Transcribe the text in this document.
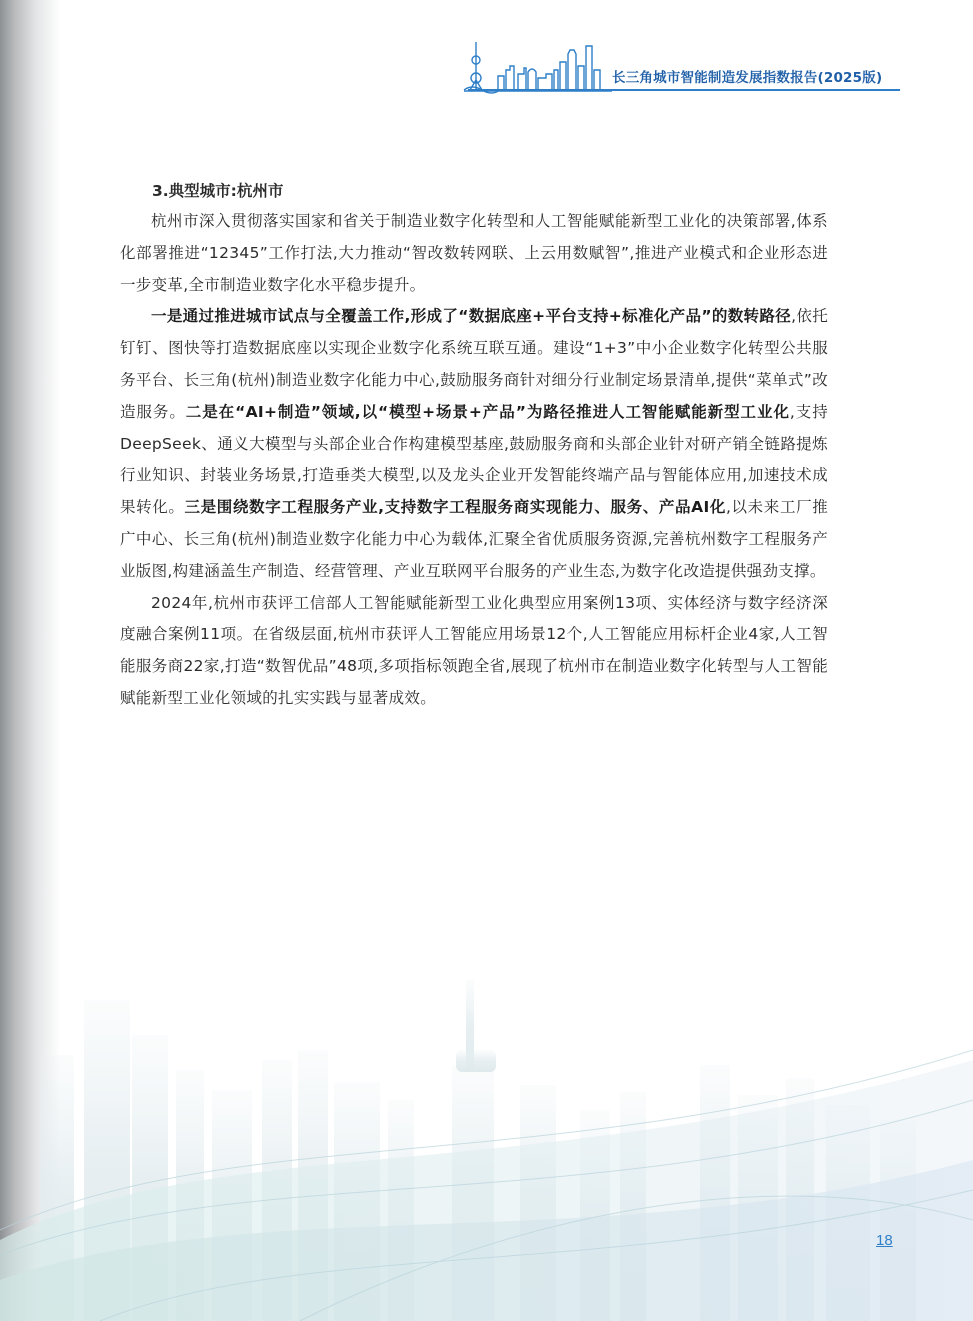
长三角城市智能制造发展指数报告(2025版)
3.典型城市:杭州市

杭州市深入贯彻落实国家和省关于制造业数字化转型和人工智能赋能新型工业化的决策部署,体系化部署推进“12345”工作打法,大力推动“智改数转网联、上云用数赋智”,推进产业模式和企业形态进一步变革,全市制造业数字化水平稳步提升。

一是通过推进城市试点与全覆盖工作,形成了“数据底座+平台支持+标准化产品”的数转路径,依托钉钉、图快等打造数据底座以实现企业数字化系统互联互通。建设“1+3”中小企业数字化转型公共服务平台、长三角(杭州)制造业数字化能力中心,鼓励服务商针对细分行业制定场景清单,提供“菜单式”改造服务。二是在“AI+制造”领域,以“模型+场景+产品”为路径推进人工智能赋能新型工业化,支持DeepSeek、通义大模型与头部企业合作构建模型基座,鼓励服务商和头部企业针对研产销全链路提炼行业知识、封装业务场景,打造垂类大模型,以及龙头企业开发智能终端产品与智能体应用,加速技术成果转化。三是围绕数字工程服务产业,支持数字工程服务商实现能力、服务、产品AI化,以未来工厂推广中心、长三角(杭州)制造业数字化能力中心为载体,汇聚全省优质服务资源,完善杭州数字工程服务产业版图,构建涵盖生产制造、经营管理、产业互联网平台服务的产业生态,为数字化改造提供强劲支撑。

2024年,杭州市获评工信部人工智能赋能新型工业化典型应用案例13项、实体经济与数字经济深度融合案例11项。在省级层面,杭州市获评人工智能应用场景12个,人工智能应用标杆企业4家,人工智能服务商22家,打造“数智优品”48项,多项指标领跑全省,展现了杭州市在制造业数字化转型与人工智能赋能新型工业化领域的扎实实践与显著成效。

18
